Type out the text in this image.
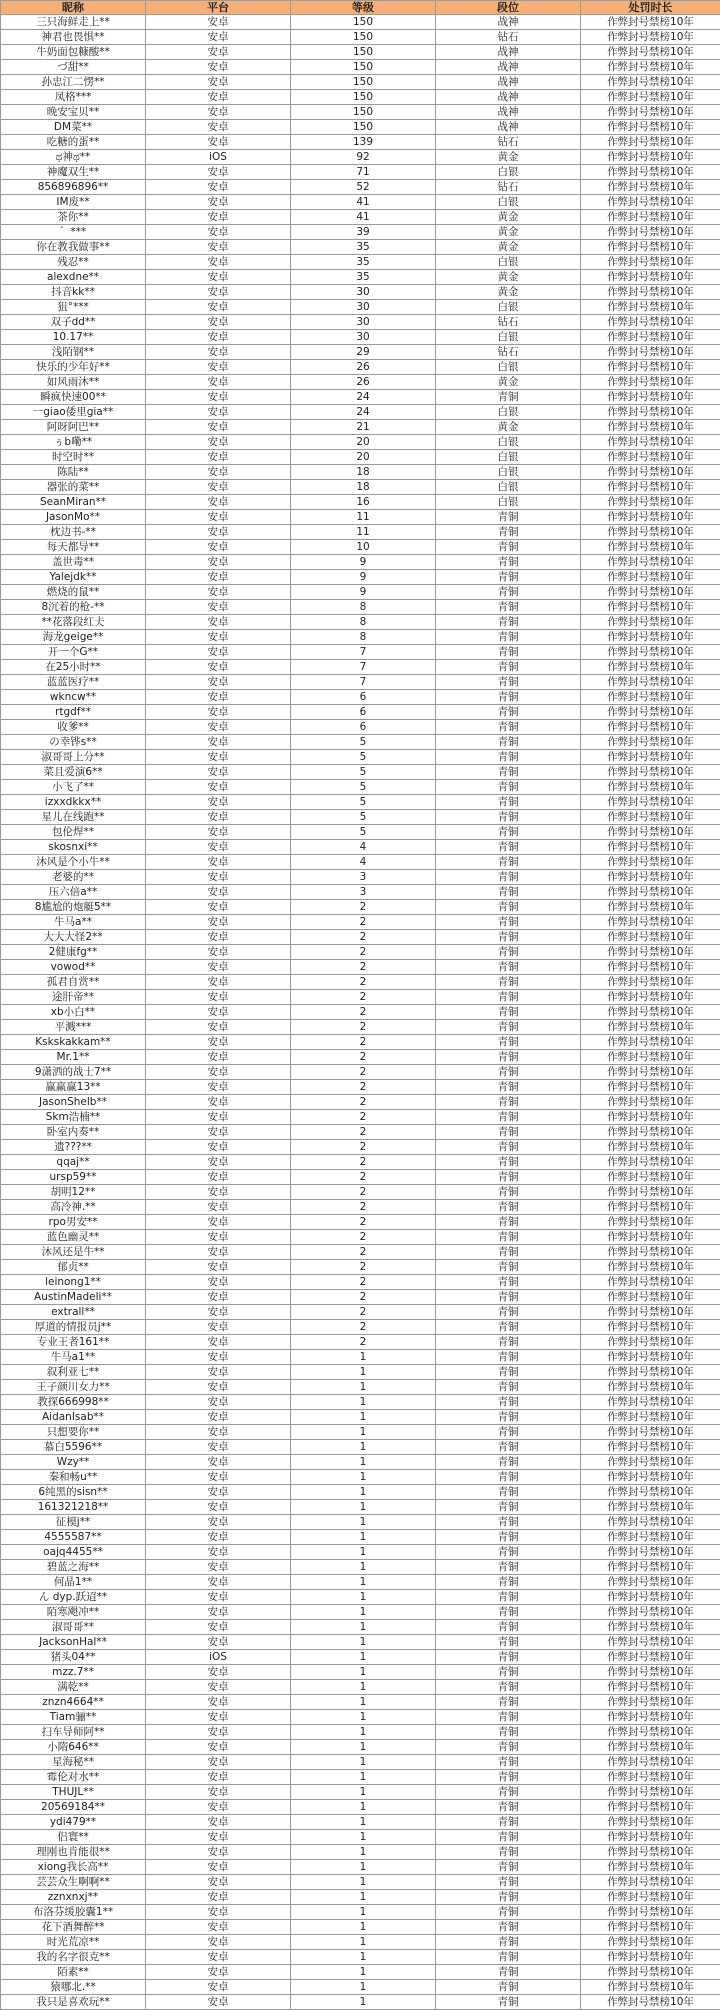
昵称	平台	等级	段位	处罚时长
三只海鲜走上**	安卓	150	战神	作弊封号禁榜10年
神君也畏惧**	安卓	150	钻石	作弊封号禁榜10年
牛奶面包糠酸**	安卓	150	战神	作弊封号禁榜10年
づ甜**	安卓	150	战神	作弊封号禁榜10年
孙忠江二愣**	安卓	150	战神	作弊封号禁榜10年
凤格***	安卓	150	战神	作弊封号禁榜10年
晚安宝贝**	安卓	150	战神	作弊封号禁榜10年
DM菜**	安卓	150	战神	作弊封号禁榜10年
吃糖的蛋**	安卓	139	钻石	作弊封号禁榜10年
ಥ神ಥ**	iOS	92	黄金	作弊封号禁榜10年
神魔双生**	安卓	71	白银	作弊封号禁榜10年
856896896**	安卓	52	钻石	作弊封号禁榜10年
IM废**	安卓	41	白银	作弊封号禁榜10年
茶你**	安卓	41	黄金	作弊封号禁榜10年
゛***	安卓	39	黄金	作弊封号禁榜10年
你在教我做事**	安卓	35	黄金	作弊封号禁榜10年
残忍**	安卓	35	白银	作弊封号禁榜10年
alexdne**	安卓	35	黄金	作弊封号禁榜10年
抖音kk**	安卓	30	黄金	作弊封号禁榜10年
狙°***	安卓	30	白银	作弊封号禁榜10年
双子dd**	安卓	30	钻石	作弊封号禁榜10年
10.17**	安卓	30	白银	作弊封号禁榜10年
浅陌钢**	安卓	29	钻石	作弊封号禁榜10年
快乐的少年好**	安卓	26	白银	作弊封号禁榜10年
如风雨沐**	安卓	26	黄金	作弊封号禁榜10年
瞬疯快速00**	安卓	24	青铜	作弊封号禁榜10年
一giao倭里gia**	安卓	24	白银	作弊封号禁榜10年
阿呀阿巴**	安卓	21	黄金	作弊封号禁榜10年
ぅb嘞**	安卓	20	白银	作弊封号禁榜10年
时空时**	安卓	20	白银	作弊封号禁榜10年
陈陆**	安卓	18	白银	作弊封号禁榜10年
器张的菜**	安卓	18	白银	作弊封号禁榜10年
SeanMiran**	安卓	16	白银	作弊封号禁榜10年
JasonMo**	安卓	11	青铜	作弊封号禁榜10年
枕边书-**	安卓	11	青铜	作弊封号禁榜10年
每天都导**	安卓	10	青铜	作弊封号禁榜10年
盖世毒**	安卓	9	青铜	作弊封号禁榜10年
Yalejdk**	安卓	9	青铜	作弊封号禁榜10年
燃烧的鼠**	安卓	9	青铜	作弊封号禁榜10年
8沉着的枪-**	安卓	8	青铜	作弊封号禁榜10年
**花落段红仧	安卓	8	青铜	作弊封号禁榜10年
海龙geige**	安卓	8	青铜	作弊封号禁榜10年
开一个G**	安卓	7	青铜	作弊封号禁榜10年
在25小时**	安卓	7	青铜	作弊封号禁榜10年
蓝蓝医疗**	安卓	7	青铜	作弊封号禁榜10年
wkncw**	安卓	6	青铜	作弊封号禁榜10年
rtgdf**	安卓	6	青铜	作弊封号禁榜10年
收爹**	安卓	6	青铜	作弊封号禁榜10年
の幸铧s**	安卓	5	青铜	作弊封号禁榜10年
淑哥哥上分**	安卓	5	青铜	作弊封号禁榜10年
菜且爱演6**	安卓	5	青铜	作弊封号禁榜10年
小飞了**	安卓	5	青铜	作弊封号禁榜10年
izxxdkkx**	安卓	5	青铜	作弊封号禁榜10年
星儿在线跑**	安卓	5	青铜	作弊封号禁榜10年
包伦焊**	安卓	5	青铜	作弊封号禁榜10年
skosnxi**	安卓	4	青铜	作弊封号禁榜10年
沐风是个小牛**	安卓	4	青铜	作弊封号禁榜10年
老婆的**	安卓	3	青铜	作弊封号禁榜10年
压六倍a**	安卓	3	青铜	作弊封号禁榜10年
8尴尬的炮艇5**	安卓	2	青铜	作弊封号禁榜10年
牛马a**	安卓	2	青铜	作弊封号禁榜10年
大大大怪2**	安卓	2	青铜	作弊封号禁榜10年
2健康fg**	安卓	2	青铜	作弊封号禁榜10年
vowod**	安卓	2	青铜	作弊封号禁榜10年
孤君自赏**	安卓	2	青铜	作弊封号禁榜10年
途肝帝**	安卓	2	青铜	作弊封号禁榜10年
xb小白**	安卓	2	青铜	作弊封号禁榜10年
平溅***	安卓	2	青铜	作弊封号禁榜10年
Kskskakkam**	安卓	2	青铜	作弊封号禁榜10年
Mr.1**	安卓	2	青铜	作弊封号禁榜10年
9潇洒的战士7**	安卓	2	青铜	作弊封号禁榜10年
赢赢赢13**	安卓	2	青铜	作弊封号禁榜10年
JasonShelb**	安卓	2	青铜	作弊封号禁榜10年
Skm浩楠**	安卓	2	青铜	作弊封号禁榜10年
卧室内奏**	安卓	2	青铜	作弊封号禁榜10年
遗???**	安卓	2	青铜	作弊封号禁榜10年
qqaj**	安卓	2	青铜	作弊封号禁榜10年
ursp59**	安卓	2	青铜	作弊封号禁榜10年
胡明12**	安卓	2	青铜	作弊封号禁榜10年
高冷神.**	安卓	2	青铜	作弊封号禁榜10年
rpo男安**	安卓	2	青铜	作弊封号禁榜10年
蓝色幽灵**	安卓	2	青铜	作弊封号禁榜10年
沐风还是牛**	安卓	2	青铜	作弊封号禁榜10年
郁贞**	安卓	2	青铜	作弊封号禁榜10年
leinong1**	安卓	2	青铜	作弊封号禁榜10年
AustinMadeli**	安卓	2	青铜	作弊封号禁榜10年
extrall**	安卓	2	青铜	作弊封号禁榜10年
厚道的情报员j**	安卓	2	青铜	作弊封号禁榜10年
专业王者161**	安卓	2	青铜	作弊封号禁榜10年
牛马a1**	安卓	1	青铜	作弊封号禁榜10年
叙利亚七**	安卓	1	青铜	作弊封号禁榜10年
王子颜川女力**	安卓	1	青铜	作弊封号禁榜10年
教探666998**	安卓	1	青铜	作弊封号禁榜10年
AidanIsab**	安卓	1	青铜	作弊封号禁榜10年
只想要你**	安卓	1	青铜	作弊封号禁榜10年
慕白5596**	安卓	1	青铜	作弊封号禁榜10年
Wzy**	安卓	1	青铜	作弊封号禁榜10年
秦和畅u**	安卓	1	青铜	作弊封号禁榜10年
6纯黑的sisn**	安卓	1	青铜	作弊封号禁榜10年
161321218**	安卓	1	青铜	作弊封号禁榜10年
征模j**	安卓	1	青铜	作弊封号禁榜10年
4555587**	安卓	1	青铜	作弊封号禁榜10年
oajq4455**	安卓	1	青铜	作弊封号禁榜10年
碧蓝之海**	安卓	1	青铜	作弊封号禁榜10年
何晶1**	安卓	1	青铜	作弊封号禁榜10年
ん dyp.跃迢**	安卓	1	青铜	作弊封号禁榜10年
陌寒飓冲**	安卓	1	青铜	作弊封号禁榜10年
淑哥哥**	安卓	1	青铜	作弊封号禁榜10年
JacksonHal**	安卓	1	青铜	作弊封号禁榜10年
猪头04**	iOS	1	青铜	作弊封号禁榜10年
mzz.7**	安卓	1	青铜	作弊封号禁榜10年
满乾**	安卓	1	青铜	作弊封号禁榜10年
znzn4664**	安卓	1	青铜	作弊封号禁榜10年
Tiam骊**	安卓	1	青铜	作弊封号禁榜10年
扫车导师阿**	安卓	1	青铜	作弊封号禁榜10年
小隋646**	安卓	1	青铜	作弊封号禁榜10年
星海秘**	安卓	1	青铜	作弊封号禁榜10年
霉伦对水**	安卓	1	青铜	作弊封号禁榜10年
THUJL**	安卓	1	青铜	作弊封号禁榜10年
20569184**	安卓	1	青铜	作弊封号禁榜10年
ydi479**	安卓	1	青铜	作弊封号禁榜10年
侣寰**	安卓	1	青铜	作弊封号禁榜10年
理刚也肯能很**	安卓	1	青铜	作弊封号禁榜10年
xiong我长高**	安卓	1	青铜	作弊封号禁榜10年
芸芸众生啊啊**	安卓	1	青铜	作弊封号禁榜10年
zznxnxj**	安卓	1	青铜	作弊封号禁榜10年
布洛芬缓胶囊1**	安卓	1	青铜	作弊封号禁榜10年
花下酒舞醉**	安卓	1	青铜	作弊封号禁榜10年
时光荒凉**	安卓	1	青铜	作弊封号禁榜10年
我的名字很克**	安卓	1	青铜	作弊封号禁榜10年
陌素**	安卓	1	青铜	作弊封号禁榜10年
猿哪北.**	安卓	1	青铜	作弊封号禁榜10年
我只是喜欢玩**	安卓	1	青铜	作弊封号禁榜10年
